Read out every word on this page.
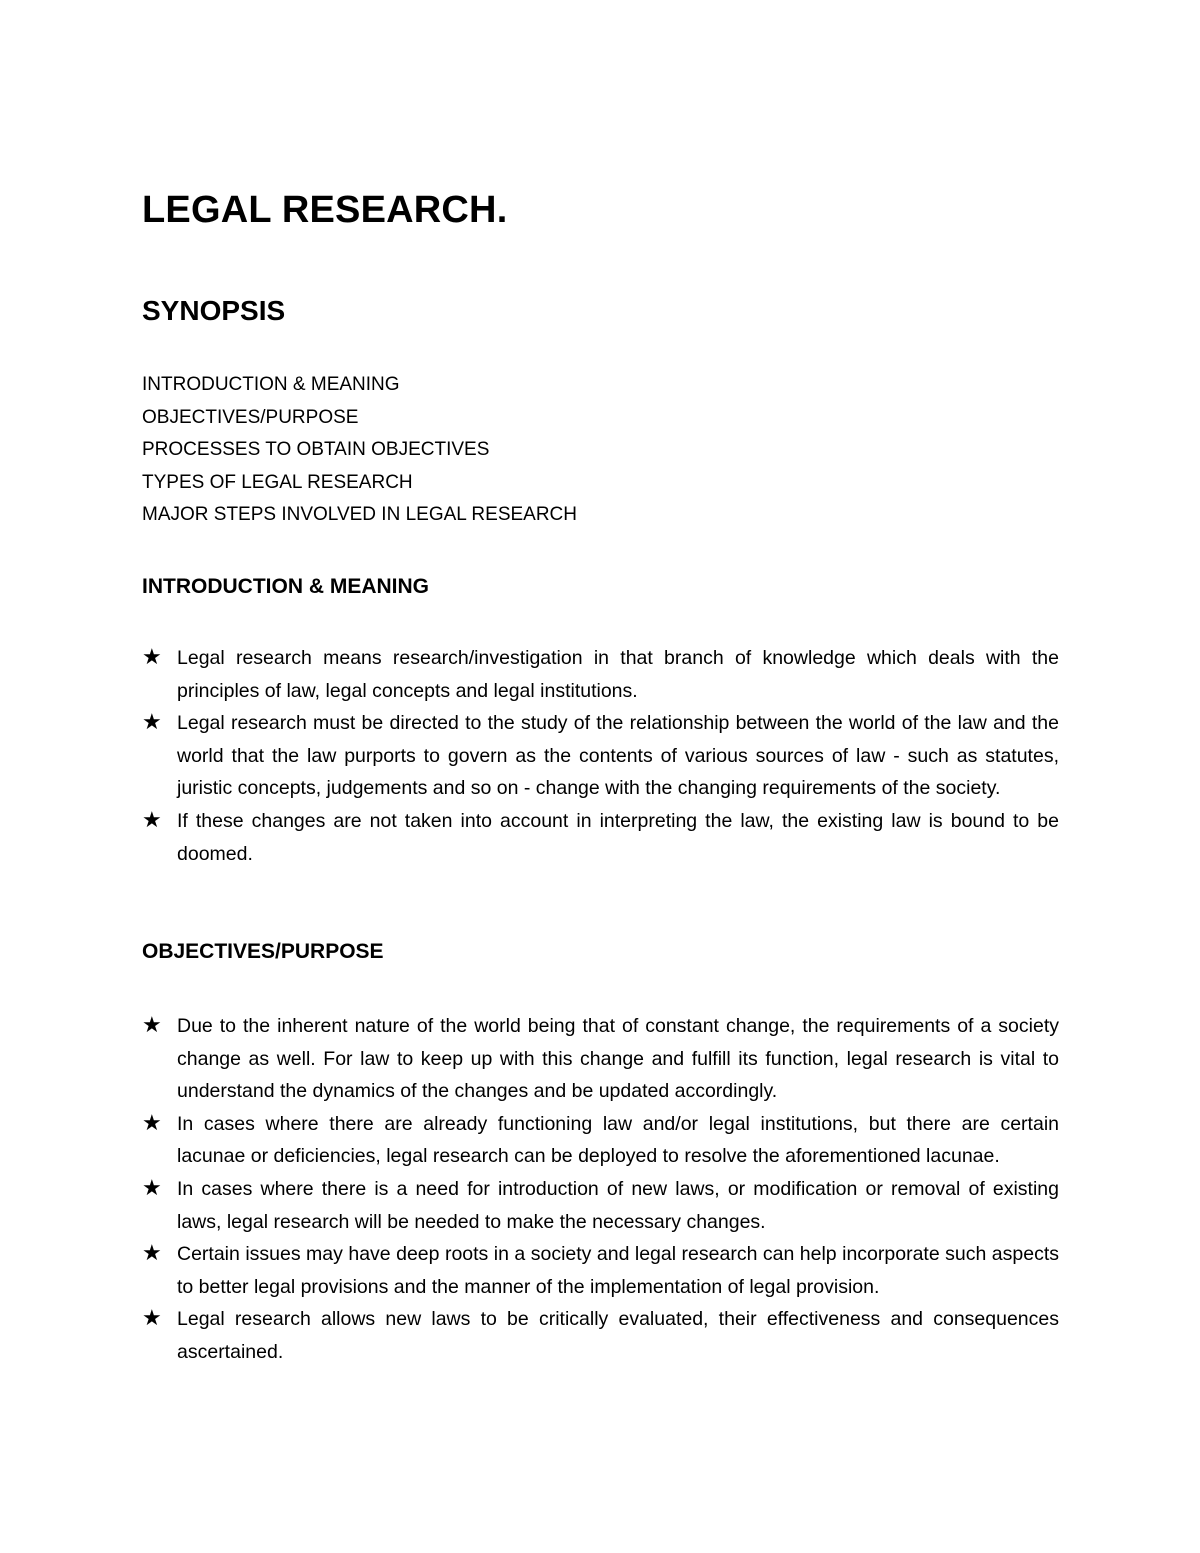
LEGAL RESEARCH.
SYNOPSIS
INTRODUCTION & MEANING
OBJECTIVES/PURPOSE
PROCESSES TO OBTAIN OBJECTIVES
TYPES OF LEGAL RESEARCH
MAJOR STEPS INVOLVED IN LEGAL RESEARCH
INTRODUCTION & MEANING
★ Legal research means research/investigation in that branch of knowledge which deals with the principles of law, legal concepts and legal institutions.
★ Legal research must be directed to the study of the relationship between the world of the law and the world that the law purports to govern as the contents of various sources of law - such as statutes, juristic concepts, judgements and so on - change with the changing requirements of the society.
★ If these changes are not taken into account in interpreting the law, the existing law is bound to be doomed.
OBJECTIVES/PURPOSE
★ Due to the inherent nature of the world being that of constant change, the requirements of a society change as well. For law to keep up with this change and fulfill its function, legal research is vital to understand the dynamics of the changes and be updated accordingly.
★ In cases where there are already functioning law and/or legal institutions, but there are certain lacunae or deficiencies, legal research can be deployed to resolve the aforementioned lacunae.
★ In cases where there is a need for introduction of new laws, or modification or removal of existing laws, legal research will be needed to make the necessary changes.
★ Certain issues may have deep roots in a society and legal research can help incorporate such aspects to better legal provisions and the manner of the implementation of legal provision.
★ Legal research allows new laws to be critically evaluated, their effectiveness and consequences ascertained.
